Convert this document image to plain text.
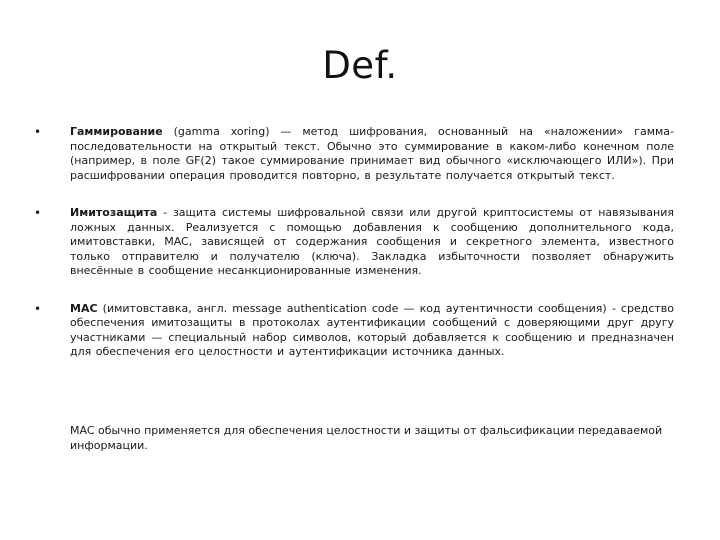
Def.
•	Гаммирование (gamma xoring) — метод шифрования, основанный на «наложении» гамма-последовательности на открытый текст. Обычно это суммирование в каком-либо конечном поле (например, в поле GF(2) такое суммирование принимает вид обычного «исключающего ИЛИ»). При расшифровании операция проводится повторно, в результате получается открытый текст.
•	Имитозащита - защита системы шифровальной связи или другой криптосистемы от навязывания ложных данных. Реализуется с помощью добавления к сообщению дополнительного кода, имитовставки, MAC, зависящей от содержания сообщения и секретного элемента, известного только отправителю и получателю (ключа). Закладка избыточности позволяет обнаружить внесённые в сообщение несанкционированные изменения.
•	MAC (имитовставка, англ. message authentication code — код аутентичности сообщения) - средство обеспечения имитозащиты в протоколах аутентификации сообщений с доверяющими друг другу участниками — специальный набор символов, который добавляется к сообщению и предназначен для обеспечения его целостности и аутентификации источника данных.
MAC обычно применяется для обеспечения целостности и защиты от фальсификации передаваемой информации.
